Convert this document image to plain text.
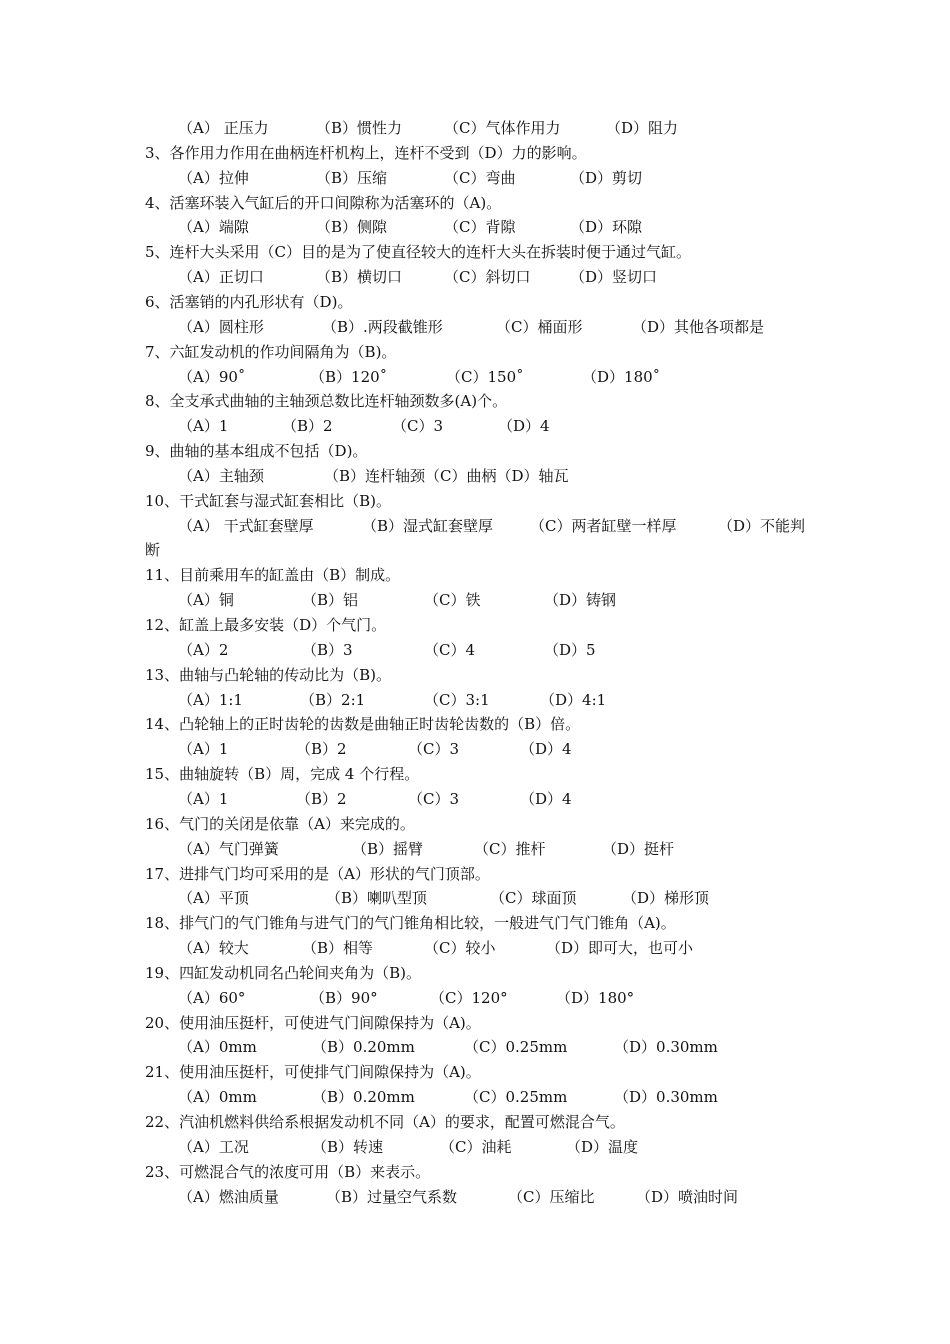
（A） 正压力	（B）惯性力	（C）气体作用力	（D）阻力
3、各作用力作用在曲柄连杆机构上，连杆不受到（D）力的影响。
（A）拉伸	（B）压缩	（C）弯曲	（D）剪切
4、活塞环装入气缸后的开口间隙称为活塞环的（A)。
（A）端隙	（B）侧隙	（C）背隙	（D）环隙
5、连杆大头采用（C）目的是为了使直径较大的连杆大头在拆装时便于通过气缸。
（A）正切口	（B）横切口	（C）斜切口	（D）竖切口
6、活塞销的内孔形状有（D)。
（A）圆柱形	（B）.两段截锥形	（C）桶面形	（D）其他各项都是
7、六缸发动机的作功间隔角为（B)。
（A）90˚	（B）120˚	（C）150˚	（D）180˚
8、全支承式曲轴的主轴颈总数比连杆轴颈数多(A)个。
（A）1	（B）2	（C）3	（D）4
9、曲轴的基本组成不包括（D)。
（A）主轴颈	（B）连杆轴颈（C）曲柄（D）轴瓦
10、干式缸套与湿式缸套相比（B)。
（A） 干式缸套壁厚	（B）湿式缸套壁厚 （C）两者缸壁一样厚	（D）不能判
断
11、目前乘用车的缸盖由（B）制成。
（A）铜	（B）铝	（C）铁	（D）铸钢
12、缸盖上最多安装（D）个气门。
（A）2	（B）3	（C）4	（D）5
13、曲轴与凸轮轴的传动比为（B)。
（A）1:1	（B）2:1	（C）3:1	（D）4:1
14、凸轮轴上的正时齿轮的齿数是曲轴正时齿轮齿数的（B）倍。
（A）1	（B）2	（C）3	（D）4
15、曲轴旋转（B）周，完成 4 个行程。
（A）1	（B）2	（C）3	（D）4
16、气门的关闭是依靠（A）来完成的。
（A）气门弹簧	（B）摇臂	（C）推杆	（D）挺杆
17、进排气门均可采用的是（A）形状的气门顶部。
（A）平顶	（B）喇叭型顶	（C）球面顶	（D）梯形顶
18、排气门的气门锥角与进气门的气门锥角相比较，一般进气门气门锥角（A)。
（A）较大	（B）相等	（C）较小	（D）即可大，也可小
19、四缸发动机同名凸轮间夹角为（B)。
（A）60°	（B）90°	（C）120°	（D）180°
20、使用油压挺杆，可使进气门间隙保持为（A)。
（A）0mm	（B）0.20mm	（C）0.25mm	（D）0.30mm
21、使用油压挺杆，可使排气门间隙保持为（A)。
（A）0mm	（B）0.20mm	（C）0.25mm	（D）0.30mm
22、汽油机燃料供给系根据发动机不同（A）的要求，配置可燃混合气。
（A）工况	（B）转速	（C）油耗	（D）温度
23、可燃混合气的浓度可用（B）来表示。
（A）燃油质量	（B）过量空气系数	（C）压缩比	（D）喷油时间
